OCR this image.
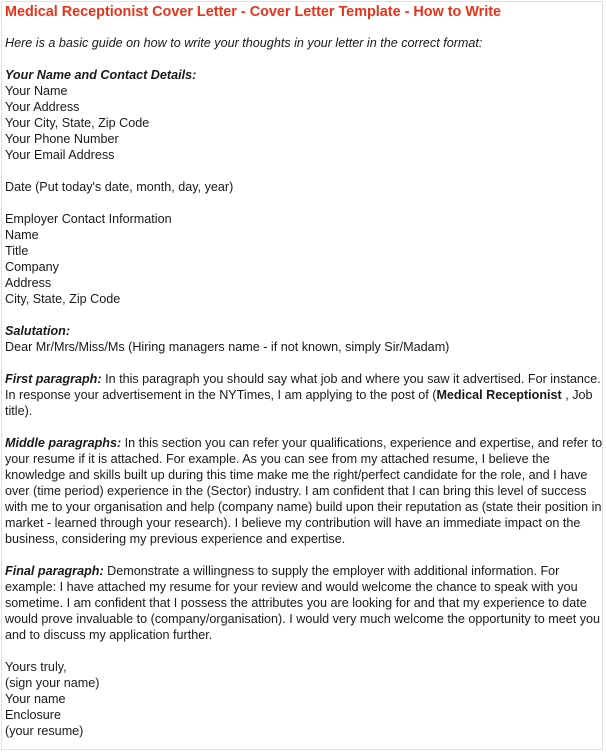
Medical Receptionist Cover Letter - Cover Letter Template - How to Write
Here is a basic guide on how to write your thoughts in your letter in the correct format:
Your Name and Contact Details:
Your Name
Your Address
Your City, State, Zip Code
Your Phone Number
Your Email Address
Date (Put today's date, month, day, year)
Employer Contact Information
Name
Title
Company
Address
City, State, Zip Code
Salutation:
Dear Mr/Mrs/Miss/Ms (Hiring managers name - if not known, simply Sir/Madam)

First paragraph: In this paragraph you should say what job and where you saw it advertised. For instance. In response your advertisement in the NYTimes, I am applying to the post of (Medical Receptionist , Job title).

Middle paragraphs: In this section you can refer your qualifications, experience and expertise, and refer to your resume if it is attached. For example. As you can see from my attached resume, I believe the knowledge and skills built up during this time make me the right/perfect candidate for the role, and I have over (time period) experience in the (Sector) industry. I am confident that I can bring this level of success with me to your organisation and help (company name) build upon their reputation as (state their position in market - learned through your research). I believe my contribution will have an immediate impact on the business, considering my previous experience and expertise.

Final paragraph: Demonstrate a willingness to supply the employer with additional information. For example: I have attached my resume for your review and would welcome the chance to speak with you sometime. I am confident that I possess the attributes you are looking for and that my experience to date would prove invaluable to (company/organisation). I would very much welcome the opportunity to meet you and to discuss my application further.

Yours truly,
(sign your name)
Your name
Enclosure
(your resume)
